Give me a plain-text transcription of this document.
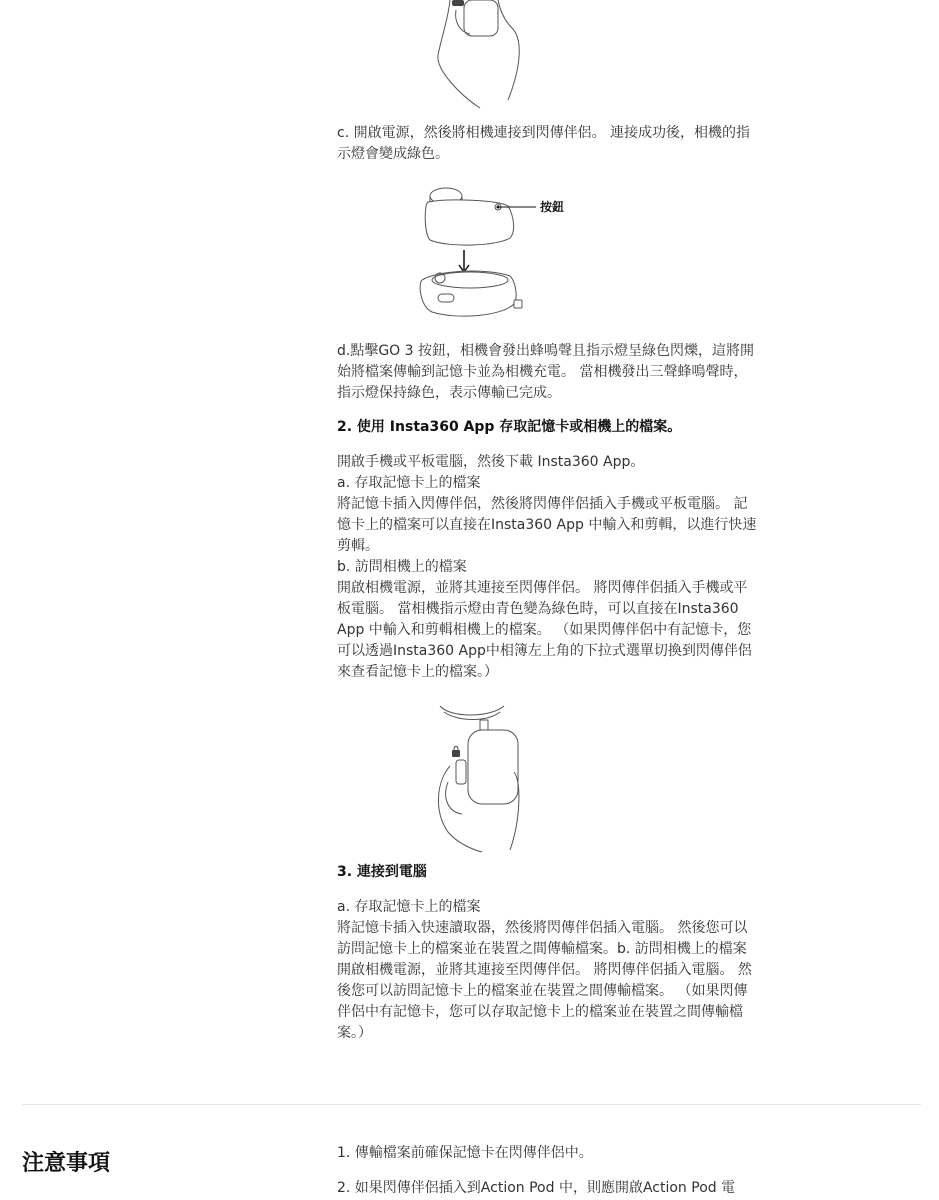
c. 開啟電源，然後將相機連接到閃傳伴侶。 連接成功後，相機的指示燈會變成綠色。

按鈕

d.點擊GO 3 按鈕，相機會發出蜂鳴聲且指示燈呈綠色閃爍，這將開始將檔案傳輸到記憶卡並為相機充電。 當相機發出三聲蜂鳴聲時，指示燈保持綠色，表示傳輸已完成。

2. 使用 Insta360 App 存取記憶卡或相機上的檔案。

開啟手機或平板電腦，然後下載 Insta360 App。

a. 存取記憶卡上的檔案

將記憶卡插入閃傳伴侶，然後將閃傳伴侶插入手機或平板電腦。 記憶卡上的檔案可以直接在Insta360 App 中輸入和剪輯，以進行快速剪輯。

b. 訪問相機上的檔案

開啟相機電源，並將其連接至閃傳伴侶。 將閃傳伴侶插入手機或平板電腦。 當相機指示燈由青色變為綠色時，可以直接在Insta360 App 中輸入和剪輯相機上的檔案。 （如果閃傳伴侶中有記憶卡，您可以透過Insta360 App中相簿左上角的下拉式選單切換到閃傳伴侶來查看記憶卡上的檔案。）

3. 連接到電腦

a. 存取記憶卡上的檔案

將記憶卡插入快速讀取器，然後將閃傳伴侶插入電腦。 然後您可以訪問記憶卡上的檔案並在裝置之間傳輸檔案。b. 訪問相機上的檔案

開啟相機電源，並將其連接至閃傳伴侶。 將閃傳伴侶插入電腦。 然後您可以訪問記憶卡上的檔案並在裝置之間傳輸檔案。 （如果閃傳伴侶中有記憶卡，您可以存取記憶卡上的檔案並在裝置之間傳輸檔案。）

注意事項	1. 傳輸檔案前確保記憶卡在閃傳伴侶中。

2. 如果閃傳伴侶插入到Action Pod 中，則應開啟Action Pod 電
